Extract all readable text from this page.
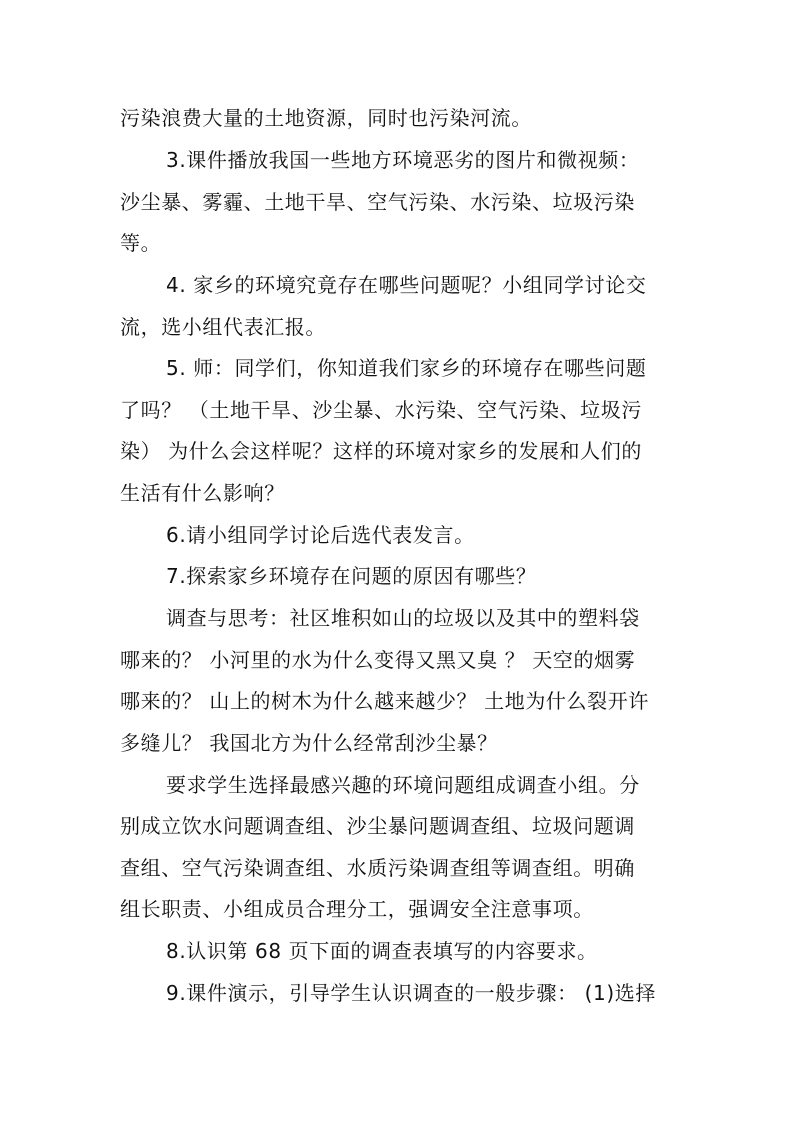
污染浪费大量的土地资源，同时也污染河流。
3.课件播放我国一些地方环境恶劣的图片和微视频：
沙尘暴、雾霾、土地干旱、空气污染、水污染、垃圾污染
等。
4. 家乡的环境究竟存在哪些问题呢？小组同学讨论交
流，选小组代表汇报。
5. 师：同学们，你知道我们家乡的环境存在哪些问题
了吗？ （土地干旱、沙尘暴、水污染、空气污染、垃圾污
染） 为什么会这样呢？这样的环境对家乡的发展和人们的
生活有什么影响？
6.请小组同学讨论后选代表发言。
7.探索家乡环境存在问题的原因有哪些？
调查与思考：社区堆积如山的垃圾以及其中的塑料袋
哪来的？ 小河里的水为什么变得又黑又臭 ？ 天空的烟雾
哪来的？ 山上的树木为什么越来越少？ 土地为什么裂开许
多缝儿？ 我国北方为什么经常刮沙尘暴？
要求学生选择最感兴趣的环境问题组成调查小组。分
别成立饮水问题调查组、沙尘暴问题调查组、垃圾问题调
查组、空气污染调查组、水质污染调查组等调查组。明确
组长职责、小组成员合理分工，强调安全注意事项。
8.认识第 68 页下面的调查表填写的内容要求。
9.课件演示，引导学生认识调查的一般步骤： (1)选择
